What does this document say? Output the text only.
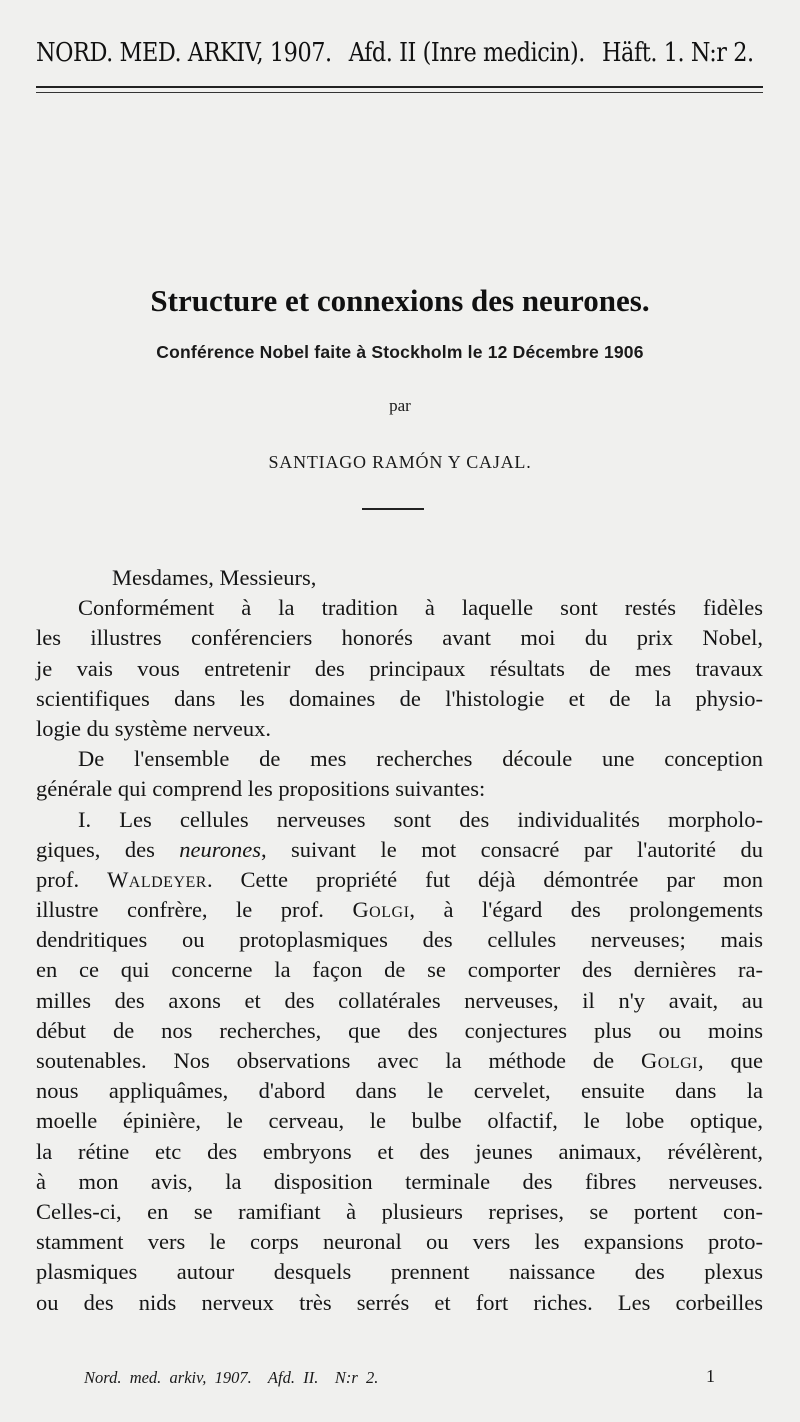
NORD. MED. ARKIV, 1907. Afd. II (Inre medicin). Häft. 1. N:r 2.
Structure et connexions des neurones.
Conférence Nobel faite à Stockholm le 12 Décembre 1906
par
SANTIAGO RAMÓN Y CAJAL.
Mesdames, Messieurs,
Conformément à la tradition à laquelle sont restés fidèles
les illustres conférenciers honorés avant moi du prix Nobel,
je vais vous entretenir des principaux résultats de mes travaux
scientifiques dans les domaines de l'histologie et de la physio-
logie du système nerveux.
De l'ensemble de mes recherches découle une conception
générale qui comprend les propositions suivantes:
I. Les cellules nerveuses sont des individualités morpholo-
giques, des neurones, suivant le mot consacré par l'autorité du
prof. Waldeyer. Cette propriété fut déjà démontrée par mon
illustre confrère, le prof. Golgi, à l'égard des prolongements
dendritiques ou protoplasmiques des cellules nerveuses; mais
en ce qui concerne la façon de se comporter des dernières ra-
milles des axons et des collatérales nerveuses, il n'y avait, au
début de nos recherches, que des conjectures plus ou moins
soutenables. Nos observations avec la méthode de Golgi, que
nous appliquâmes, d'abord dans le cervelet, ensuite dans la
moelle épinière, le cerveau, le bulbe olfactif, le lobe optique,
la rétine etc des embryons et des jeunes animaux, révélèrent,
à mon avis, la disposition terminale des fibres nerveuses.
Celles-ci, en se ramifiant à plusieurs reprises, se portent con-
stamment vers le corps neuronal ou vers les expansions proto-
plasmiques autour desquels prennent naissance des plexus
ou des nids nerveux très serrés et fort riches. Les corbeilles
Nord.  med.  arkiv,  1907.    Afd.  II.    N:r  2.	1
